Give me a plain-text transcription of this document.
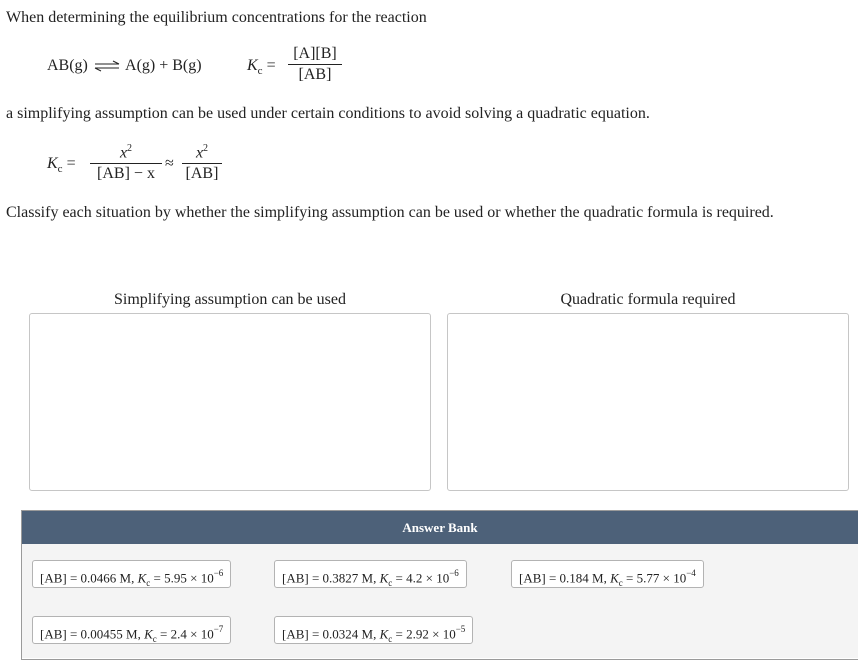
When determining the equilibrium concentrations for the reaction
AB(g) ⇌ A(g) + B(g)	$K_c$ =
[A][B]
[AB]
a simplifying assumption can be used under certain conditions to avoid solving a quadratic equation.
$K_c$ =
$x^2$
[AB] − x
≈
$x^2$
[AB]
Classify each situation by whether the simplifying assumption can be used or whether the quadratic formula is required.
Simplifying assumption can be used	Quadratic formula required
Answer Bank
[AB] = 0.0466 M, $K_c = 5.95 \times 10^{-6}$	[AB] = 0.3827 M, $K_c = 4.2 \times 10^{-6}$	[AB] = 0.184 M, $K_c = 5.77 \times 10^{-4}$
[AB] = 0.00455 M, $K_c = 2.4 \times 10^{-7}$	[AB] = 0.0324 M, $K_c = 2.92 \times 10^{-5}$
